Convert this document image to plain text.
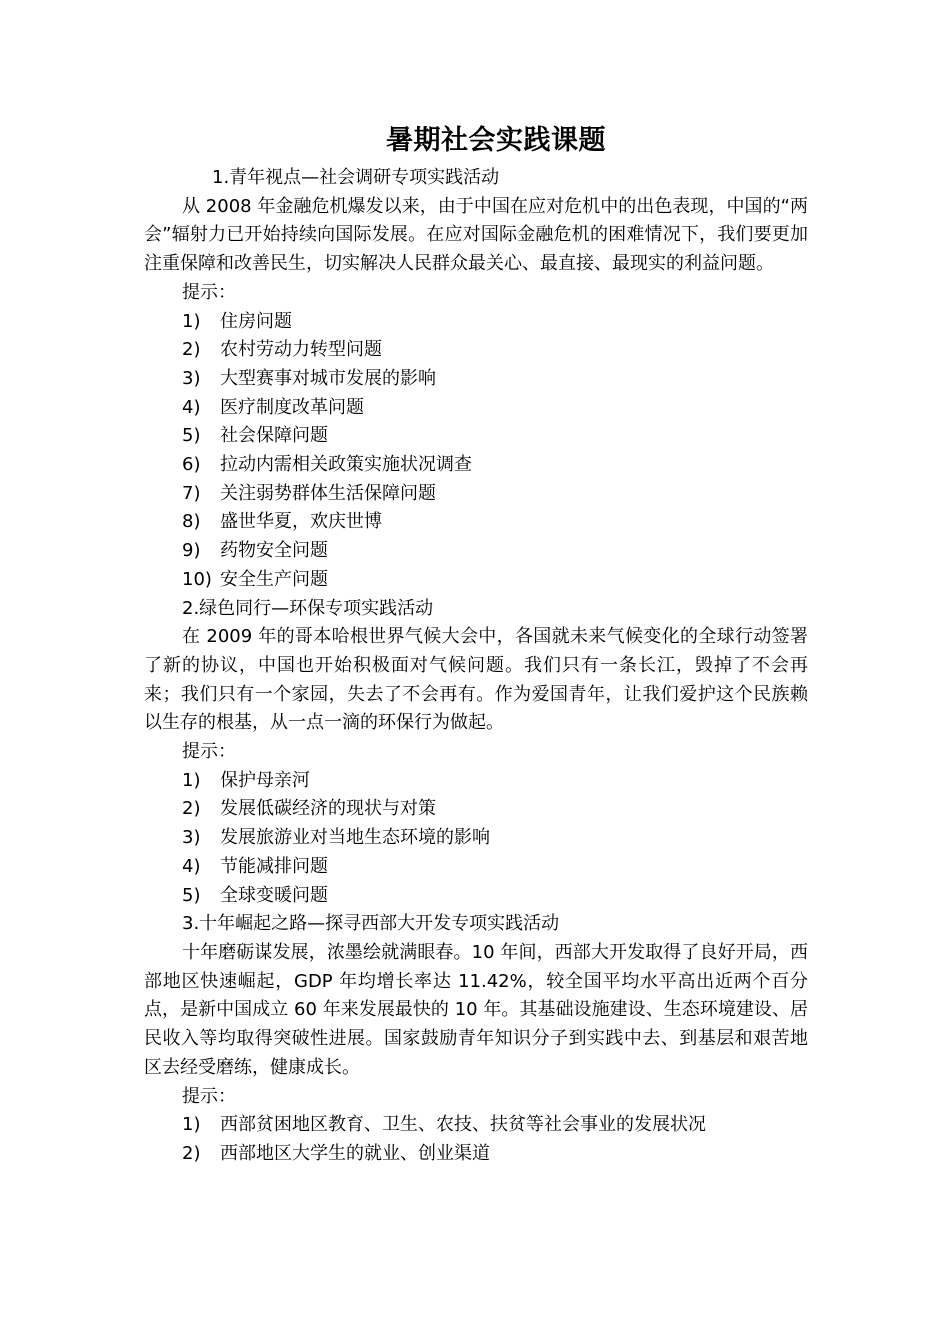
暑期社会实践课题

1.青年视点—社会调研专项实践活动

从 2008 年金融危机爆发以来，由于中国在应对危机中的出色表现，中国的“两会”辐射力已开始持续向国际发展。在应对国际金融危机的困难情况下，我们要更加注重保障和改善民生，切实解决人民群众最关心、最直接、最现实的利益问题。

提示：

1)	住房问题
2)	农村劳动力转型问题
3)	大型赛事对城市发展的影响
4)	医疗制度改革问题
5)	社会保障问题
6)	拉动内需相关政策实施状况调查
7)	关注弱势群体生活保障问题
8)	盛世华夏，欢庆世博
9)	药物安全问题
10) 安全生产问题

2.绿色同行—环保专项实践活动

在 2009 年的哥本哈根世界气候大会中，各国就未来气候变化的全球行动签署了新的协议，中国也开始积极面对气候问题。我们只有一条长江，毁掉了不会再来；我们只有一个家园，失去了不会再有。作为爱国青年，让我们爱护这个民族赖以生存的根基，从一点一滴的环保行为做起。

提示：

1)	保护母亲河
2)	发展低碳经济的现状与对策
3)	发展旅游业对当地生态环境的影响
4)	节能减排问题
5)	全球变暖问题

3.十年崛起之路—探寻西部大开发专项实践活动

十年磨砺谋发展，浓墨绘就满眼春。10 年间，西部大开发取得了良好开局，西部地区快速崛起，GDP 年均增长率达 11.42%，较全国平均水平高出近两个百分点，是新中国成立 60 年来发展最快的 10 年。其基础设施建设、生态环境建设、居民收入等均取得突破性进展。国家鼓励青年知识分子到实践中去、到基层和艰苦地区去经受磨练，健康成长。

提示：

1)	西部贫困地区教育、卫生、农技、扶贫等社会事业的发展状况
2)	西部地区大学生的就业、创业渠道
